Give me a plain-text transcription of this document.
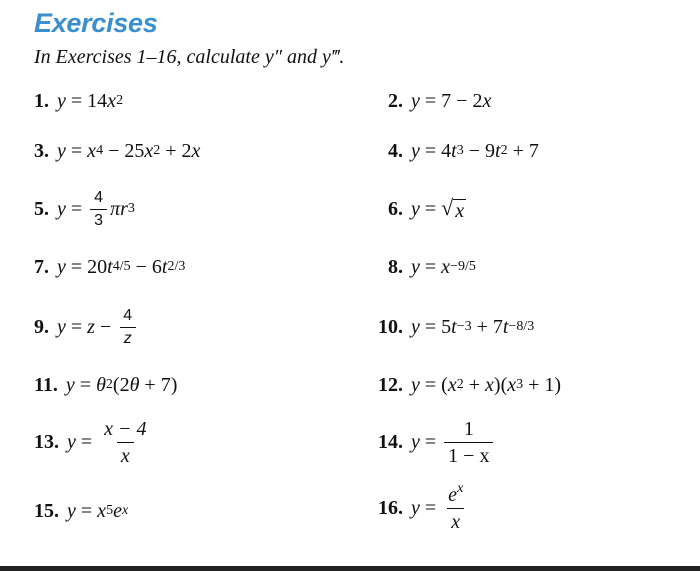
Exercises
In Exercises 1–16, calculate y″ and y‴.
1. y = 14 x 2	2. y = 7 − 2 x
3. y = x 4 − 25 x 2 + 2 x	4. y = 4 t 3 − 9 t 2 + 7
5. $y = \frac{4}{3}$ π r 3	6. y = √ x
7. y = 20 t 4/5 − 6 t 2/3	8. y = x −9/5
9. $y = z - \frac{4}{z}$	10. y = 5 t −3 + 7 t −8/3
11. y = θ 2 ( 2 θ + 7 )	12. y = ( x 2 + x ) ( x 3 + 1 )
13. $y = \frac{x - 4}{x}$	14. $y = \frac{1}{1 - x}$
15. y = x 5 e x	16. $y = \frac{e^x}{x}$
